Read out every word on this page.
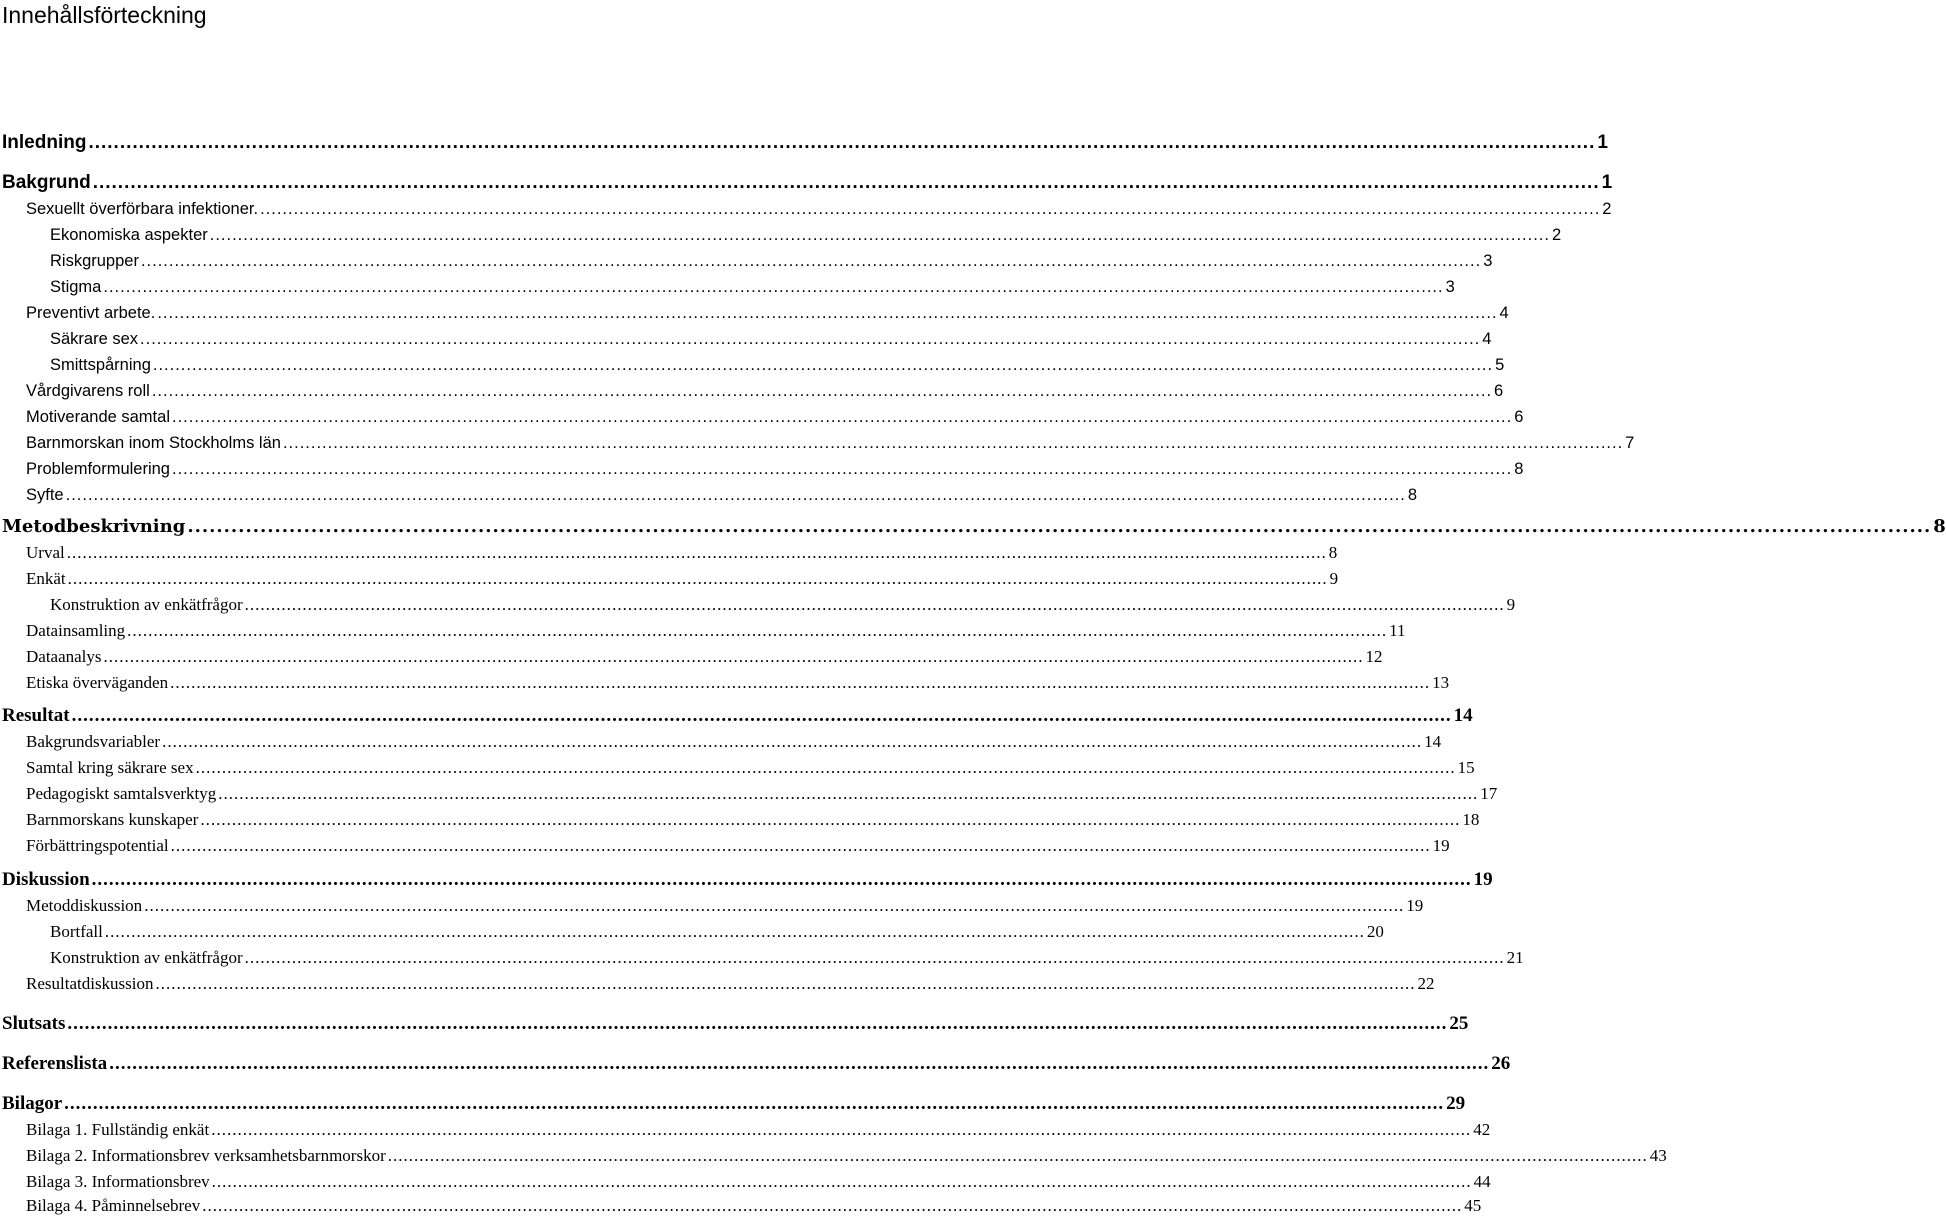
Innehållsförteckning
Inledning .....	1
Bakgrund .....	1
Sexuellt överförbara infektioner. .....	2
Ekonomiska aspekter .....	2
Riskgrupper .....	3
Stigma .....	3
Preventivt arbete. .....	4
Säkrare sex .....	4
Smittspårning .....	5
Vårdgivarens roll .....	6
Motiverande samtal .....	6
Barnmorskan inom Stockholms län .....	7
Problemformulering .....	8
Syfte .....	8
Metodbeskrivning .....	8
Urval .....	8
Enkät .....	9
Konstruktion av enkätfrågor .....	9
Datainsamling .....	11
Dataanalys .....	12
Etiska överväganden .....	13
Resultat .....	14
Bakgrundsvariabler .....	14
Samtal kring säkrare sex .....	15
Pedagogiskt samtalsverktyg .....	17
Barnmorskans kunskaper .....	18
Förbättringspotential .....	19
Diskussion .....	19
Metoddiskussion .....	19
Bortfall .....	20
Konstruktion av enkätfrågor .....	21
Resultatdiskussion .....	22
Slutsats .....	25
Referenslista .....	26
Bilagor .....	29
Bilaga 1. Fullständig enkät .....	42
Bilaga 2. Informationsbrev verksamhetsbarnmorskor .....	43
Bilaga 3. Informationsbrev .....	44
Bilaga 4. Påminnelsebrev .....	45
